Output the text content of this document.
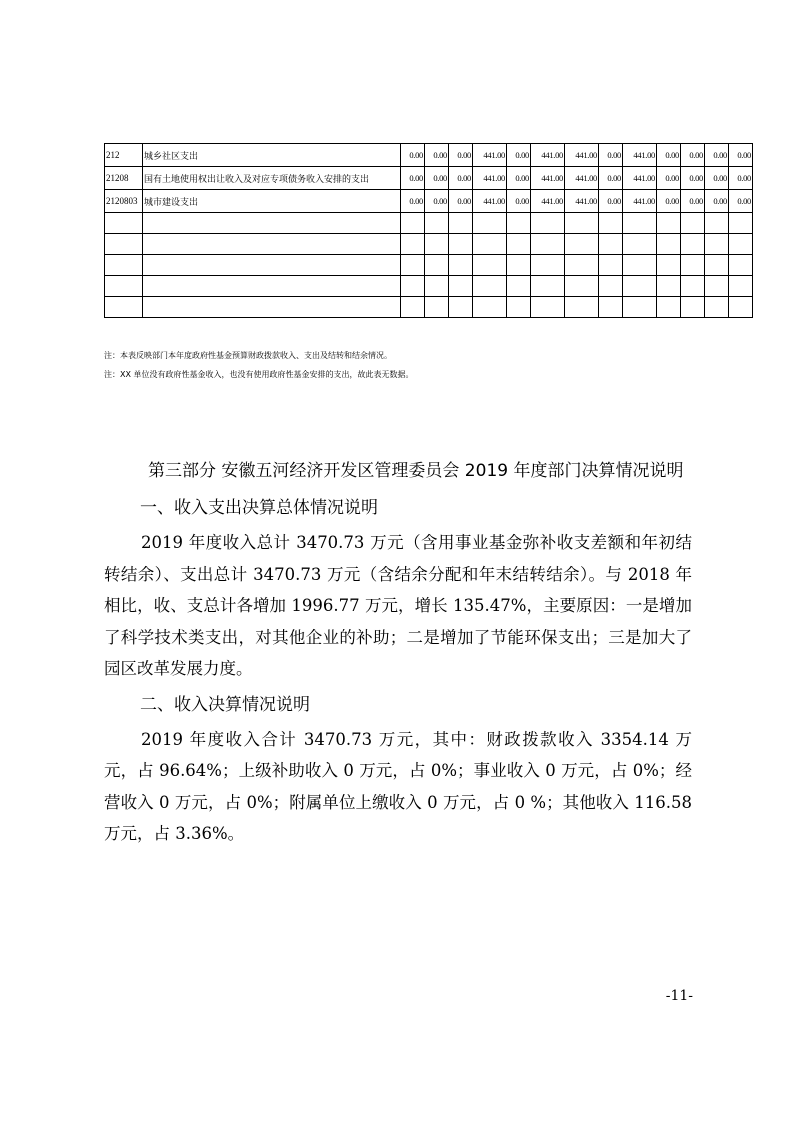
212	城乡社区支出	0.00	0.00	0.00	441.00	0.00	441.00	441.00	0.00	441.00	0.00	0.00	0.00	0.00
21208	国有土地使用权出让收入及对应专项债务收入安排的支出	0.00	0.00	0.00	441.00	0.00	441.00	441.00	0.00	441.00	0.00	0.00	0.00	0.00
2120803	城市建设支出	0.00	0.00	0.00	441.00	0.00	441.00	441.00	0.00	441.00	0.00	0.00	0.00	0.00

注：本表反映部门本年度政府性基金预算财政拨款收入、支出及结转和结余情况。
注：XX 单位没有政府性基金收入，也没有使用政府性基金安排的支出，故此表无数据。

第三部分 安徽五河经济开发区管理委员会 2019 年度部门决算情况说明

一、收入支出决算总体情况说明

2019 年度收入总计 3470.73 万元（含用事业基金弥补收支差额和年初结转结余）、支出总计 3470.73 万元（含结余分配和年末结转结余）。与 2018 年相比，收、支总计各增加 1996.77 万元，增长 135.47%，主要原因：一是增加了科学技术类支出，对其他企业的补助；二是增加了节能环保支出；三是加大了园区改革发展力度。

二、收入决算情况说明

2019 年度收入合计 3470.73 万元，其中：财政拨款收入 3354.14 万元，占 96.64%；上级补助收入 0 万元，占 0%；事业收入 0 万元，占 0%；经营收入 0 万元，占 0%；附属单位上缴收入 0 万元，占 0 %；其他收入 116.58 万元，占 3.36%。

-11-
